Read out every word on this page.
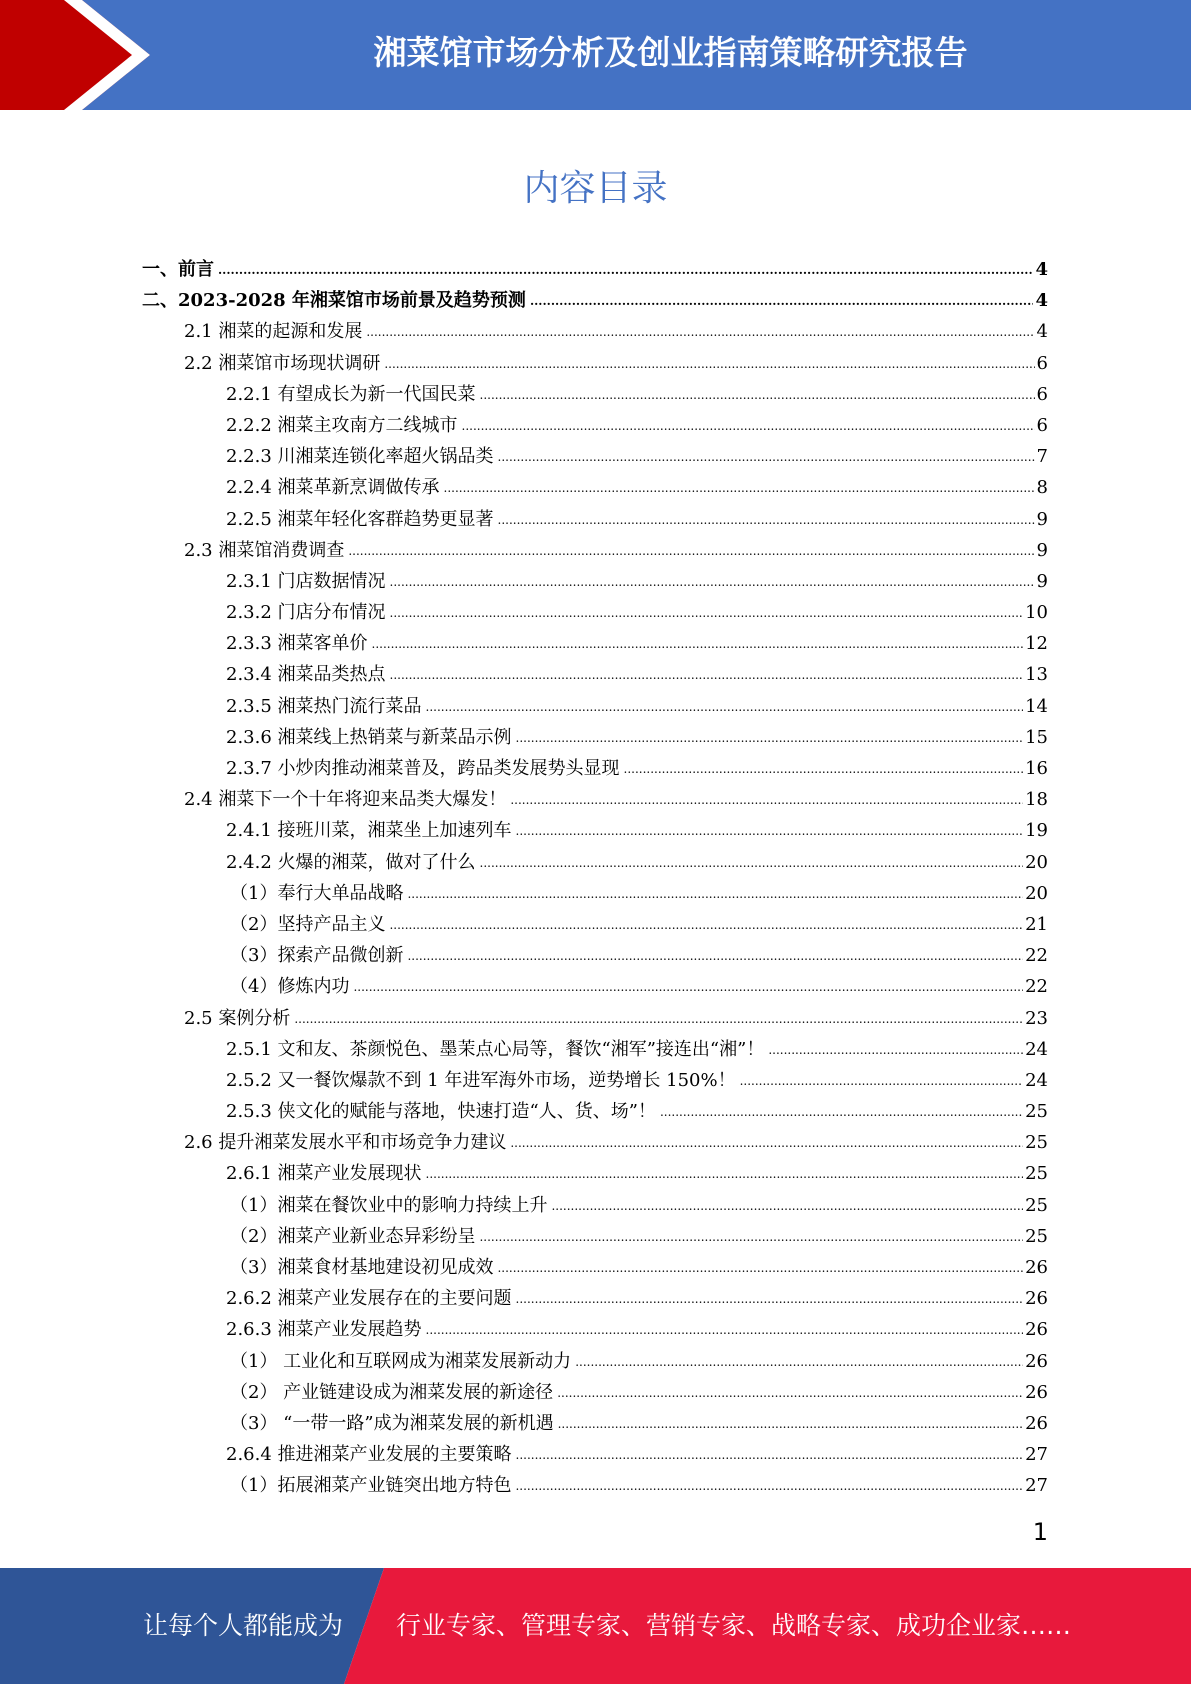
湘菜馆市场分析及创业指南策略研究报告
内容目录
一、前言 .....	4
二、2023-2028 年湘菜馆市场前景及趋势预测 .....	4
2.1 湘菜的起源和发展 .....	4
2.2 湘菜馆市场现状调研 .....	6
2.2.1 有望成长为新一代国民菜 .....	6
2.2.2 湘菜主攻南方二线城市 .....	6
2.2.3 川湘菜连锁化率超火锅品类 .....	7
2.2.4 湘菜革新烹调做传承 .....	8
2.2.5 湘菜年轻化客群趋势更显著 .....	9
2.3 湘菜馆消费调查 .....	9
2.3.1 门店数据情况 .....	9
2.3.2 门店分布情况 .....	10
2.3.3 湘菜客单价 .....	12
2.3.4 湘菜品类热点 .....	13
2.3.5 湘菜热门流行菜品 .....	14
2.3.6 湘菜线上热销菜与新菜品示例 .....	15
2.3.7 小炒肉推动湘菜普及，跨品类发展势头显现 .....	16
2.4 湘菜下一个十年将迎来品类大爆发！ .....	18
2.4.1 接班川菜，湘菜坐上加速列车 .....	19
2.4.2 火爆的湘菜，做对了什么 .....	20
（1）奉行大单品战略 .....	20
（2）坚持产品主义 .....	21
（3）探索产品微创新 .....	22
（4）修炼内功 .....	22
2.5 案例分析 .....	23
2.5.1 文和友、茶颜悦色、墨茉点心局等，餐饮“湘军”接连出“湘”！ .....	24
2.5.2 又一餐饮爆款不到 1 年进军海外市场，逆势增长 150%！ .....	24
2.5.3 侠文化的赋能与落地，快速打造“人、货、场”！ .....	25
2.6 提升湘菜发展水平和市场竞争力建议 .....	25
2.6.1 湘菜产业发展现状 .....	25
（1）湘菜在餐饮业中的影响力持续上升 .....	25
（2）湘菜产业新业态异彩纷呈 .....	25
（3）湘菜食材基地建设初见成效 .....	26
2.6.2 湘菜产业发展存在的主要问题 .....	26
2.6.3 湘菜产业发展趋势 .....	26
（1） 工业化和互联网成为湘菜发展新动力 .....	26
（2） 产业链建设成为湘菜发展的新途径 .....	26
（3） “一带一路”成为湘菜发展的新机遇 .....	26
2.6.4 推进湘菜产业发展的主要策略 .....	27
（1）拓展湘菜产业链突出地方特色 .....	27
1
让每个人都能成为 行业专家、管理专家、营销专家、战略专家、成功企业家……
